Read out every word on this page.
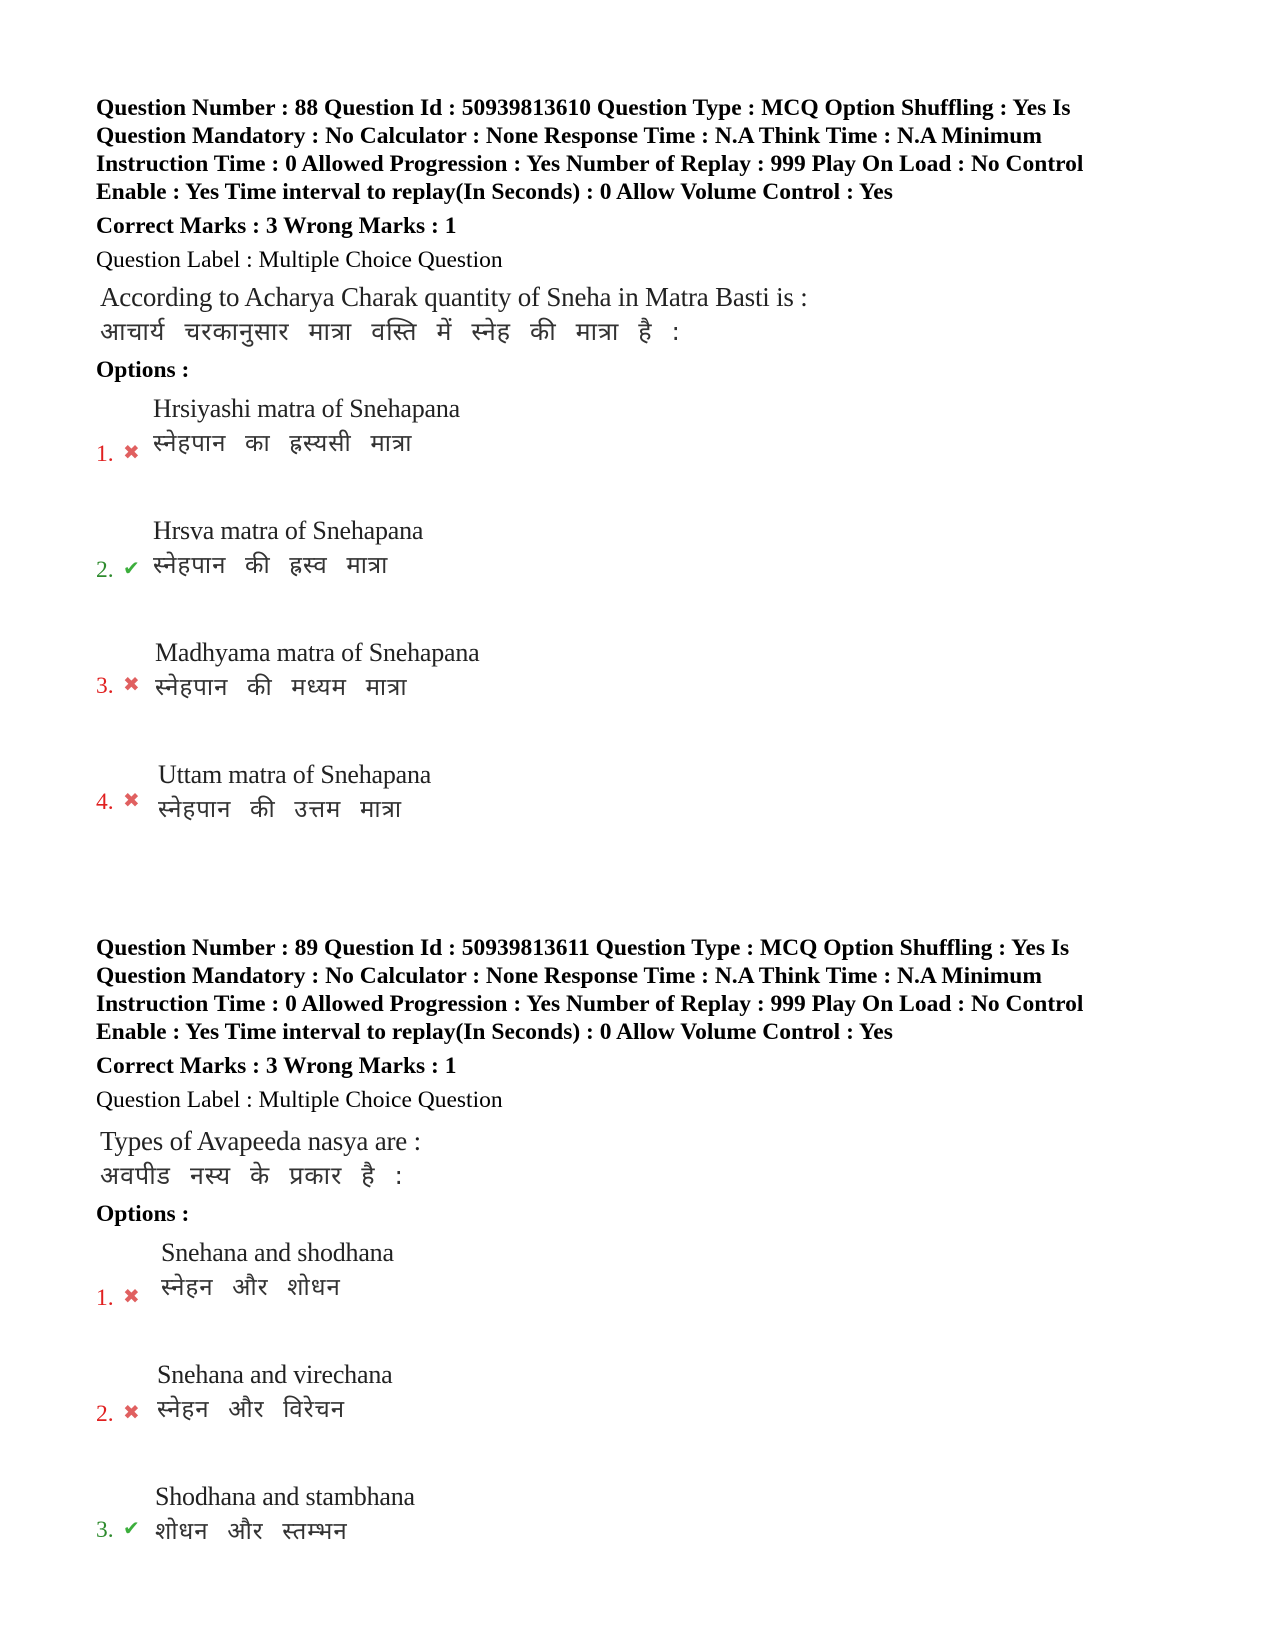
Question Number : 88 Question Id : 50939813610 Question Type : MCQ Option Shuffling : Yes Is
Question Mandatory : No Calculator : None Response Time : N.A Think Time : N.A Minimum
Instruction Time : 0 Allowed Progression : Yes Number of Replay : 999 Play On Load : No Control
Enable : Yes Time interval to replay(In Seconds) : 0 Allow Volume Control : Yes
Correct Marks : 3 Wrong Marks : 1
Question Label : Multiple Choice Question
According to Acharya Charak quantity of Sneha in Matra Basti is :
आचार्य चरकानुसार मात्रा वस्ति में स्नेह की मात्रा है :
Options :
1. ✖
Hrsiyashi matra of Snehapana
स्नेहपान का ह्रस्यसी मात्रा
2. ✔
Hrsva matra of Snehapana
स्नेहपान की ह्रस्व मात्रा
3. ✖
Madhyama matra of Snehapana
स्नेहपान की मध्यम मात्रा
4. ✖
Uttam matra of Snehapana
स्नेहपान की उत्तम मात्रा
Question Number : 89 Question Id : 50939813611 Question Type : MCQ Option Shuffling : Yes Is
Question Mandatory : No Calculator : None Response Time : N.A Think Time : N.A Minimum
Instruction Time : 0 Allowed Progression : Yes Number of Replay : 999 Play On Load : No Control
Enable : Yes Time interval to replay(In Seconds) : 0 Allow Volume Control : Yes
Correct Marks : 3 Wrong Marks : 1
Question Label : Multiple Choice Question
Types of Avapeeda nasya are :
अवपीड नस्य के प्रकार है :
Options :
1. ✖
Snehana and shodhana
स्नेहन और शोधन
2. ✖
Snehana and virechana
स्नेहन और विरेचन
3. ✔
Shodhana and stambhana
शोधन और स्तम्भन
